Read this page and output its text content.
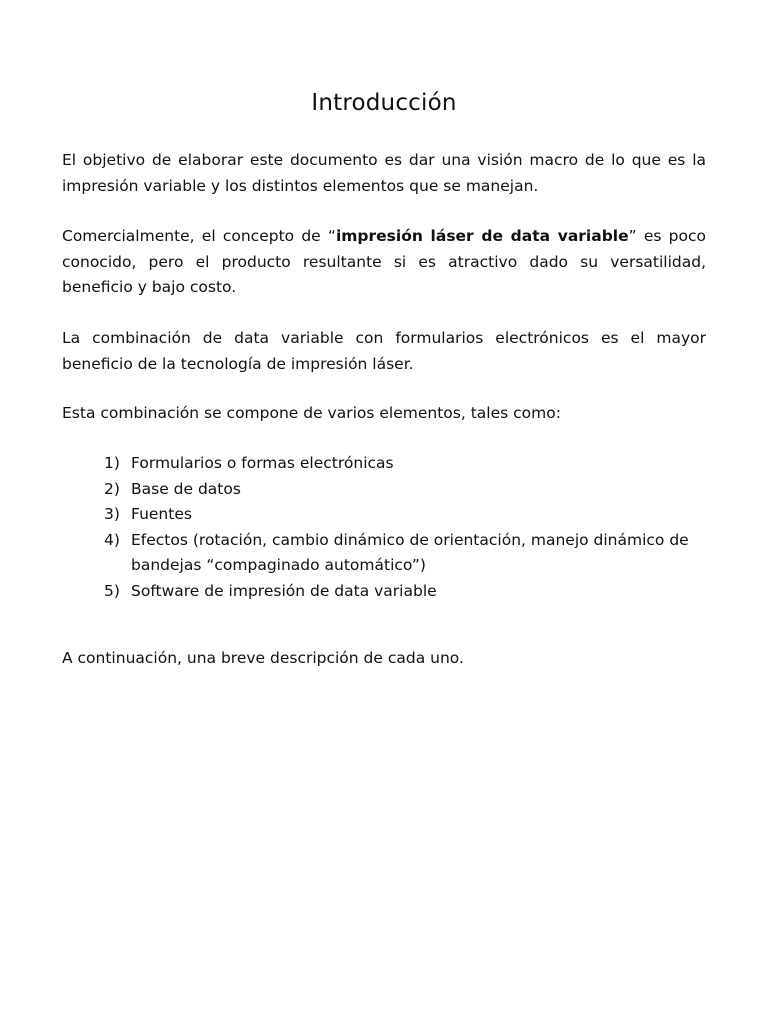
Introducción
El objetivo de elaborar este documento es dar una visión macro de lo que es la impresión variable y los distintos elementos que se manejan.
Comercialmente, el concepto de “impresión láser de data variable” es poco conocido, pero el producto resultante si es atractivo dado su versatilidad, beneficio y bajo costo.
La combinación de data variable con formularios electrónicos es el mayor beneficio de la tecnología de impresión láser.
Esta combinación se compone de varios elementos, tales como:
1) Formularios o formas electrónicas
2) Base de datos
3) Fuentes
4) Efectos (rotación, cambio dinámico de orientación, manejo dinámico de bandejas “compaginado automático”)
5) Software de impresión de data variable
A continuación, una breve descripción de cada uno.
